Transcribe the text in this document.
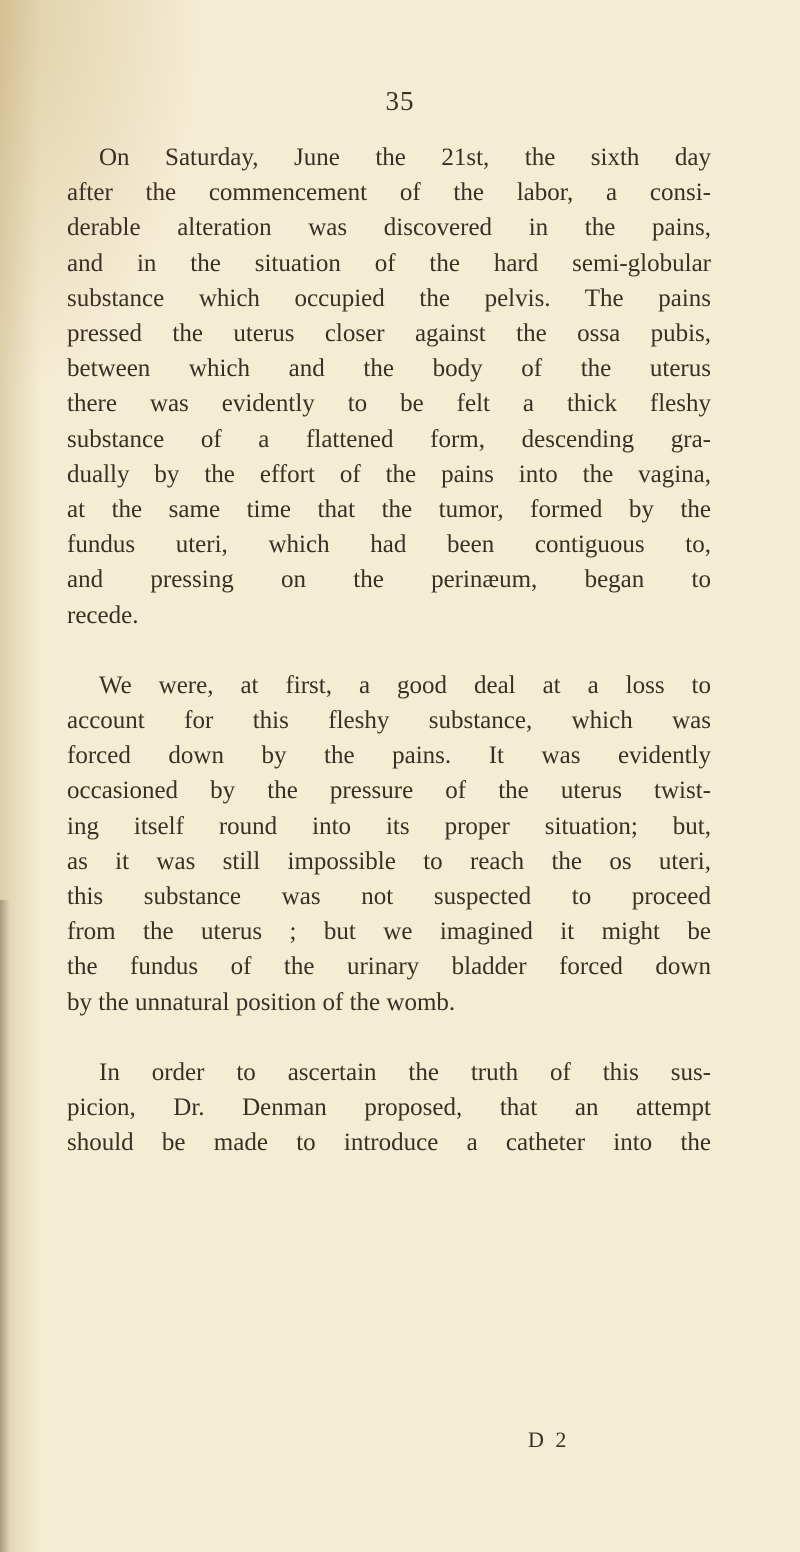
35

On Saturday, June the 21st, the sixth day
after the commencement of the labor, a consi-
derable alteration was discovered in the pains,
and in the situation of the hard semi-globular
substance which occupied the pelvis. The pains
pressed the uterus closer against the ossa pubis,
between which and the body of the uterus
there was evidently to be felt a thick fleshy
substance of a flattened form, descending gra-
dually by the effort of the pains into the vagina,
at the same time that the tumor, formed by the
fundus uteri, which had been contiguous to,
and pressing on the perinæum, began to
recede.

We were, at first, a good deal at a loss to
account for this fleshy substance, which was
forced down by the pains. It was evidently
occasioned by the pressure of the uterus twist-
ing itself round into its proper situation; but,
as it was still impossible to reach the os uteri,
this substance was not suspected to proceed
from the uterus ; but we imagined it might be
the fundus of the urinary bladder forced down
by the unnatural position of the womb.

In order to ascertain the truth of this sus-
picion, Dr. Denman proposed, that an attempt
should be made to introduce a catheter into the

D 2
